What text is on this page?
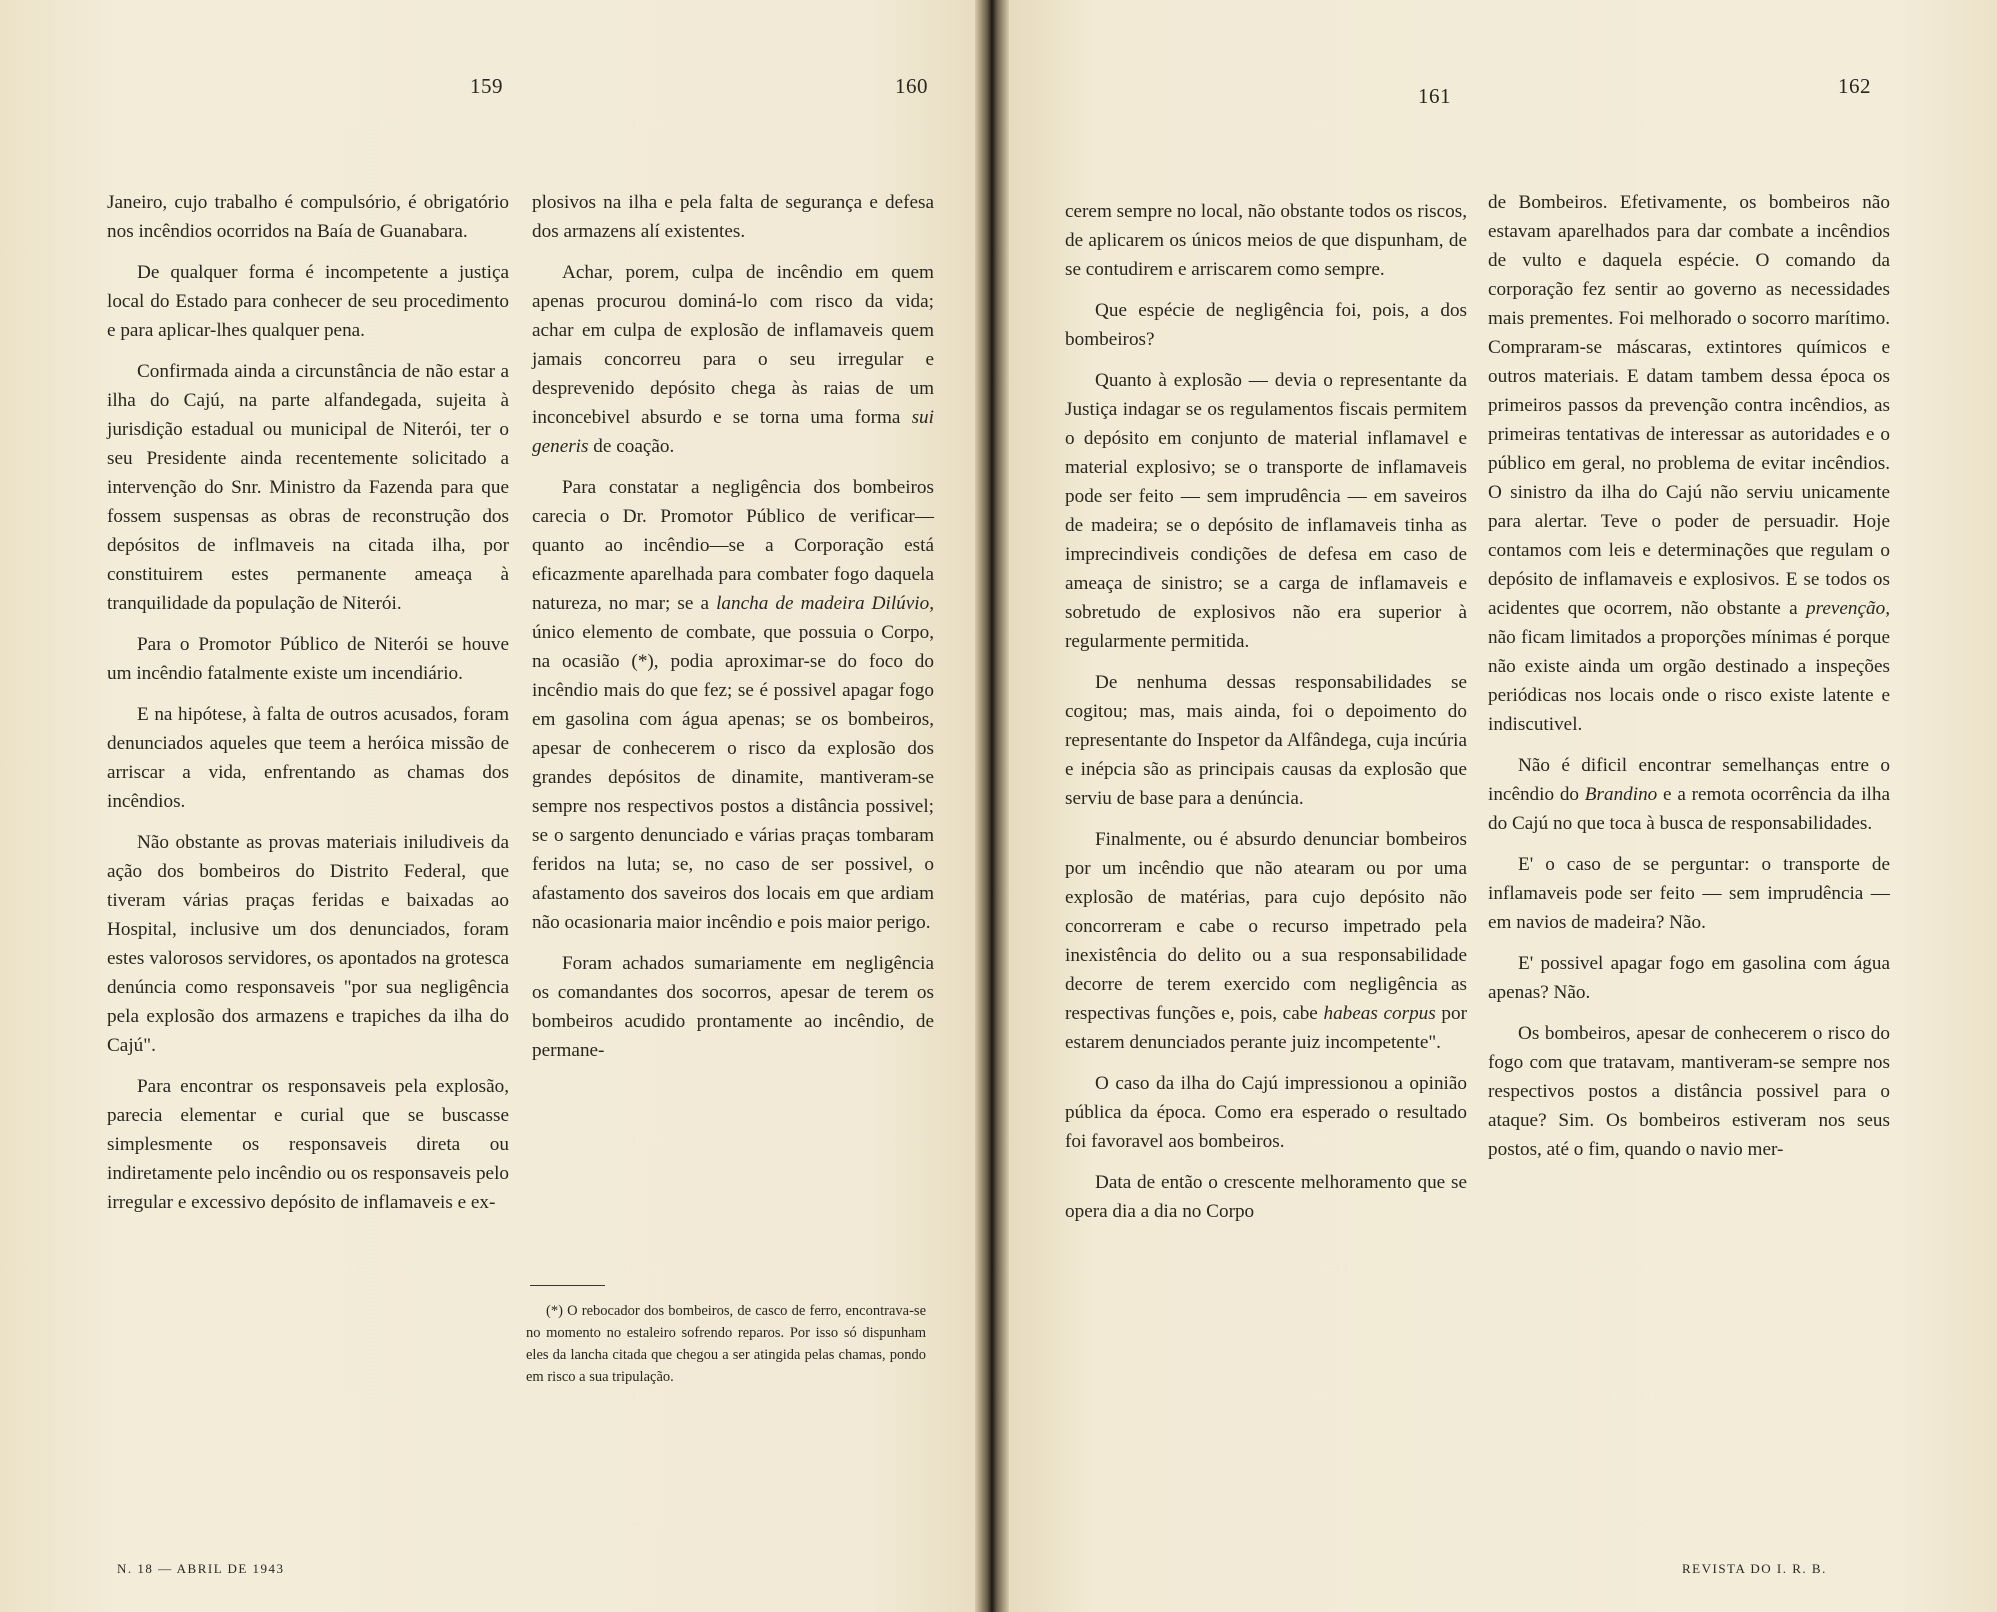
159	160	161	162

Janeiro, cujo trabalho é compulsório, é obrigatório nos incêndios ocorridos na Baía de Guanabara.

De qualquer forma é incompetente a justiça local do Estado para conhecer de seu procedimento e para aplicar-lhes qualquer pena.

Confirmada ainda a circunstância de não estar a ilha do Cajú, na parte alfandegada, sujeita à jurisdição estadual ou municipal de Niterói, ter o seu Presidente ainda recentemente solicitado a intervenção do Snr. Ministro da Fazenda para que fossem suspensas as obras de reconstrução dos depósitos de inflmaveis na citada ilha, por constituirem estes permanente ameaça à tranquilidade da população de Niterói.

Para o Promotor Público de Niterói se houve um incêndio fatalmente existe um incendiário.

E na hipótese, à falta de outros acusados, foram denunciados aqueles que teem a heróica missão de arriscar a vida, enfrentando as chamas dos incêndios.

Não obstante as provas materiais iniludiveis da ação dos bombeiros do Distrito Federal, que tiveram várias praças feridas e baixadas ao Hospital, inclusive um dos denunciados, foram estes valorosos servidores, os apontados na grotesca denúncia como responsaveis "por sua negligência pela explosão dos armazens e trapiches da ilha do Cajú".

Para encontrar os responsaveis pela explosão, parecia elementar e curial que se buscasse simplesmente os responsaveis direta ou indiretamente pelo incêndio ou os responsaveis pelo irregular e excessivo depósito de inflamaveis e ex-

plosivos na ilha e pela falta de segurança e defesa dos armazens alí existentes.

Achar, porem, culpa de incêndio em quem apenas procurou dominá-lo com risco da vida; achar em culpa de explosão de inflamaveis quem jamais concorreu para o seu irregular e desprevenido depósito chega às raias de um inconcebivel absurdo e se torna uma forma sui generis de coação.

Para constatar a negligência dos bombeiros carecia o Dr. Promotor Público de verificar—quanto ao incêndio—se a Corporação está eficazmente aparelhada para combater fogo daquela natureza, no mar; se a lancha de madeira Dilúvio, único elemento de combate, que possuia o Corpo, na ocasião (*), podia aproximar-se do foco do incêndio mais do que fez; se é possivel apagar fogo em gasolina com água apenas; se os bombeiros, apesar de conhecerem o risco da explosão dos grandes depósitos de dinamite, mantiveram-se sempre nos respectivos postos a distância possivel; se o sargento denunciado e várias praças tombaram feridos na luta; se, no caso de ser possivel, o afastamento dos saveiros dos locais em que ardiam não ocasionaria maior incêndio e pois maior perigo.

Foram achados sumariamente em negligência os comandantes dos socorros, apesar de terem os bombeiros acudido prontamente ao incêndio, de permane-

(*) O rebocador dos bombeiros, de casco de ferro, encontrava-se no momento no estaleiro sofrendo reparos. Por isso só dispunham eles da lancha citada que chegou a ser atingida pelas chamas, pondo em risco a sua tripulação.

cerem sempre no local, não obstante todos os riscos, de aplicarem os únicos meios de que dispunham, de se contudirem e arriscarem como sempre.

Que espécie de negligência foi, pois, a dos bombeiros?

Quanto à explosão — devia o representante da Justiça indagar se os regulamentos fiscais permitem o depósito em conjunto de material inflamavel e material explosivo; se o transporte de inflamaveis pode ser feito — sem imprudência — em saveiros de madeira; se o depósito de inflamaveis tinha as imprecindiveis condições de defesa em caso de ameaça de sinistro; se a carga de inflamaveis e sobretudo de explosivos não era superior à regularmente permitida.

De nenhuma dessas responsabilidades se cogitou; mas, mais ainda, foi o depoimento do representante do Inspetor da Alfândega, cuja incúria e inépcia são as principais causas da explosão que serviu de base para a denúncia.

Finalmente, ou é absurdo denunciar bombeiros por um incêndio que não atearam ou por uma explosão de matérias, para cujo depósito não concorreram e cabe o recurso impetrado pela inexistência do delito ou a sua responsabilidade decorre de terem exercido com negligência as respectivas funções e, pois, cabe habeas corpus por estarem denunciados perante juiz incompetente".

O caso da ilha do Cajú impressionou a opinião pública da época. Como era esperado o resultado foi favoravel aos bombeiros.

Data de então o crescente melhoramento que se opera dia a dia no Corpo

de Bombeiros. Efetivamente, os bombeiros não estavam aparelhados para dar combate a incêndios de vulto e daquela espécie. O comando da corporação fez sentir ao governo as necessidades mais prementes. Foi melhorado o socorro marítimo. Compraram-se máscaras, extintores químicos e outros materiais. E datam tambem dessa época os primeiros passos da prevenção contra incêndios, as primeiras tentativas de interessar as autoridades e o público em geral, no problema de evitar incêndios. O sinistro da ilha do Cajú não serviu unicamente para alertar. Teve o poder de persuadir. Hoje contamos com leis e determinações que regulam o depósito de inflamaveis e explosivos. E se todos os acidentes que ocorrem, não obstante a prevenção, não ficam limitados a proporções mínimas é porque não existe ainda um orgão destinado a inspeções periódicas nos locais onde o risco existe latente e indiscutivel.

Não é dificil encontrar semelhanças entre o incêndio do Brandino e a remota ocorrência da ilha do Cajú no que toca à busca de responsabilidades.

E' o caso de se perguntar: o transporte de inflamaveis pode ser feito — sem imprudência — em navios de madeira? Não.

E' possivel apagar fogo em gasolina com água apenas? Não.

Os bombeiros, apesar de conhecerem o risco do fogo com que tratavam, mantiveram-se sempre nos respectivos postos a distância possivel para o ataque? Sim. Os bombeiros estiveram nos seus postos, até o fim, quando o navio mer-

N. 18 — ABRIL DE 1943	REVISTA DO I. R. B.
